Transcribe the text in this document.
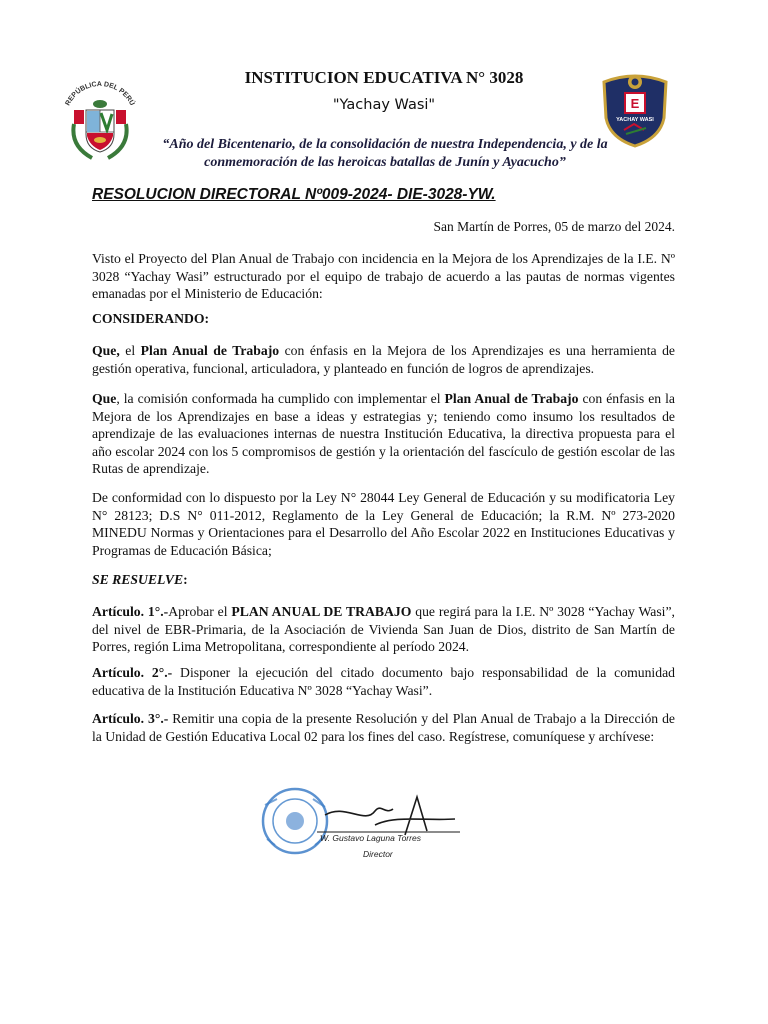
REPÚBLICA DEL PERÚ	E
YACHAY WASI
INSTITUCION EDUCATIVA N° 3028
"Yachay Wasi"
“Año del Bicentenario, de la consolidación de nuestra Independencia, y de la conmemoración de las heroicas batallas de Junín y Ayacucho”
RESOLUCION DIRECTORAL Nº009-2024- DIE-3028-YW.
San Martín de Porres, 05 de marzo del 2024.
Visto el Proyecto del Plan Anual de Trabajo con incidencia en la Mejora de los Aprendizajes de la I.E. Nº 3028 “Yachay Wasi” estructurado por el equipo de trabajo de acuerdo a las pautas de normas vigentes emanadas por el Ministerio de Educación:
CONSIDERANDO:
Que, el Plan Anual de Trabajo con énfasis en la Mejora de los Aprendizajes es una herramienta de gestión operativa, funcional, articuladora, y planteado en función de logros de aprendizajes.
Que, la comisión conformada ha cumplido con implementar el Plan Anual de Trabajo con énfasis en la Mejora de los Aprendizajes en base a ideas y estrategias y; teniendo como insumo los resultados de aprendizaje de las evaluaciones internas de nuestra Institución Educativa, la directiva propuesta para el año escolar 2024 con los 5 compromisos de gestión y la orientación del fascículo de gestión escolar de las Rutas de aprendizaje.
De conformidad con lo dispuesto por la Ley N° 28044 Ley General de Educación y su modificatoria Ley N° 28123; D.S N° 011-2012, Reglamento de la Ley General de Educación; la R.M. Nº 273-2020 MINEDU Normas y Orientaciones para el Desarrollo del Año Escolar 2022 en Instituciones Educativas y Programas de Educación Básica;
SE RESUELVE:
Artículo. 1°.-Aprobar el PLAN ANUAL DE TRABAJO que regirá para la I.E. Nº 3028 “Yachay Wasi”, del nivel de EBR-Primaria, de la Asociación de Vivienda San Juan de Dios, distrito de San Martín de Porres, región Lima Metropolitana, correspondiente al período 2024.
Artículo. 2°.- Disponer la ejecución del citado documento bajo responsabilidad de la comunidad educativa de la Institución Educativa Nº 3028 “Yachay Wasi”.
Artículo. 3°.- Remitir una copia de la presente Resolución y del Plan Anual de Trabajo a la Dirección de la Unidad de Gestión Educativa Local 02 para los fines del caso. Regístrese, comuníquese y archívese:
W. Gustavo Laguna Torres
Director
